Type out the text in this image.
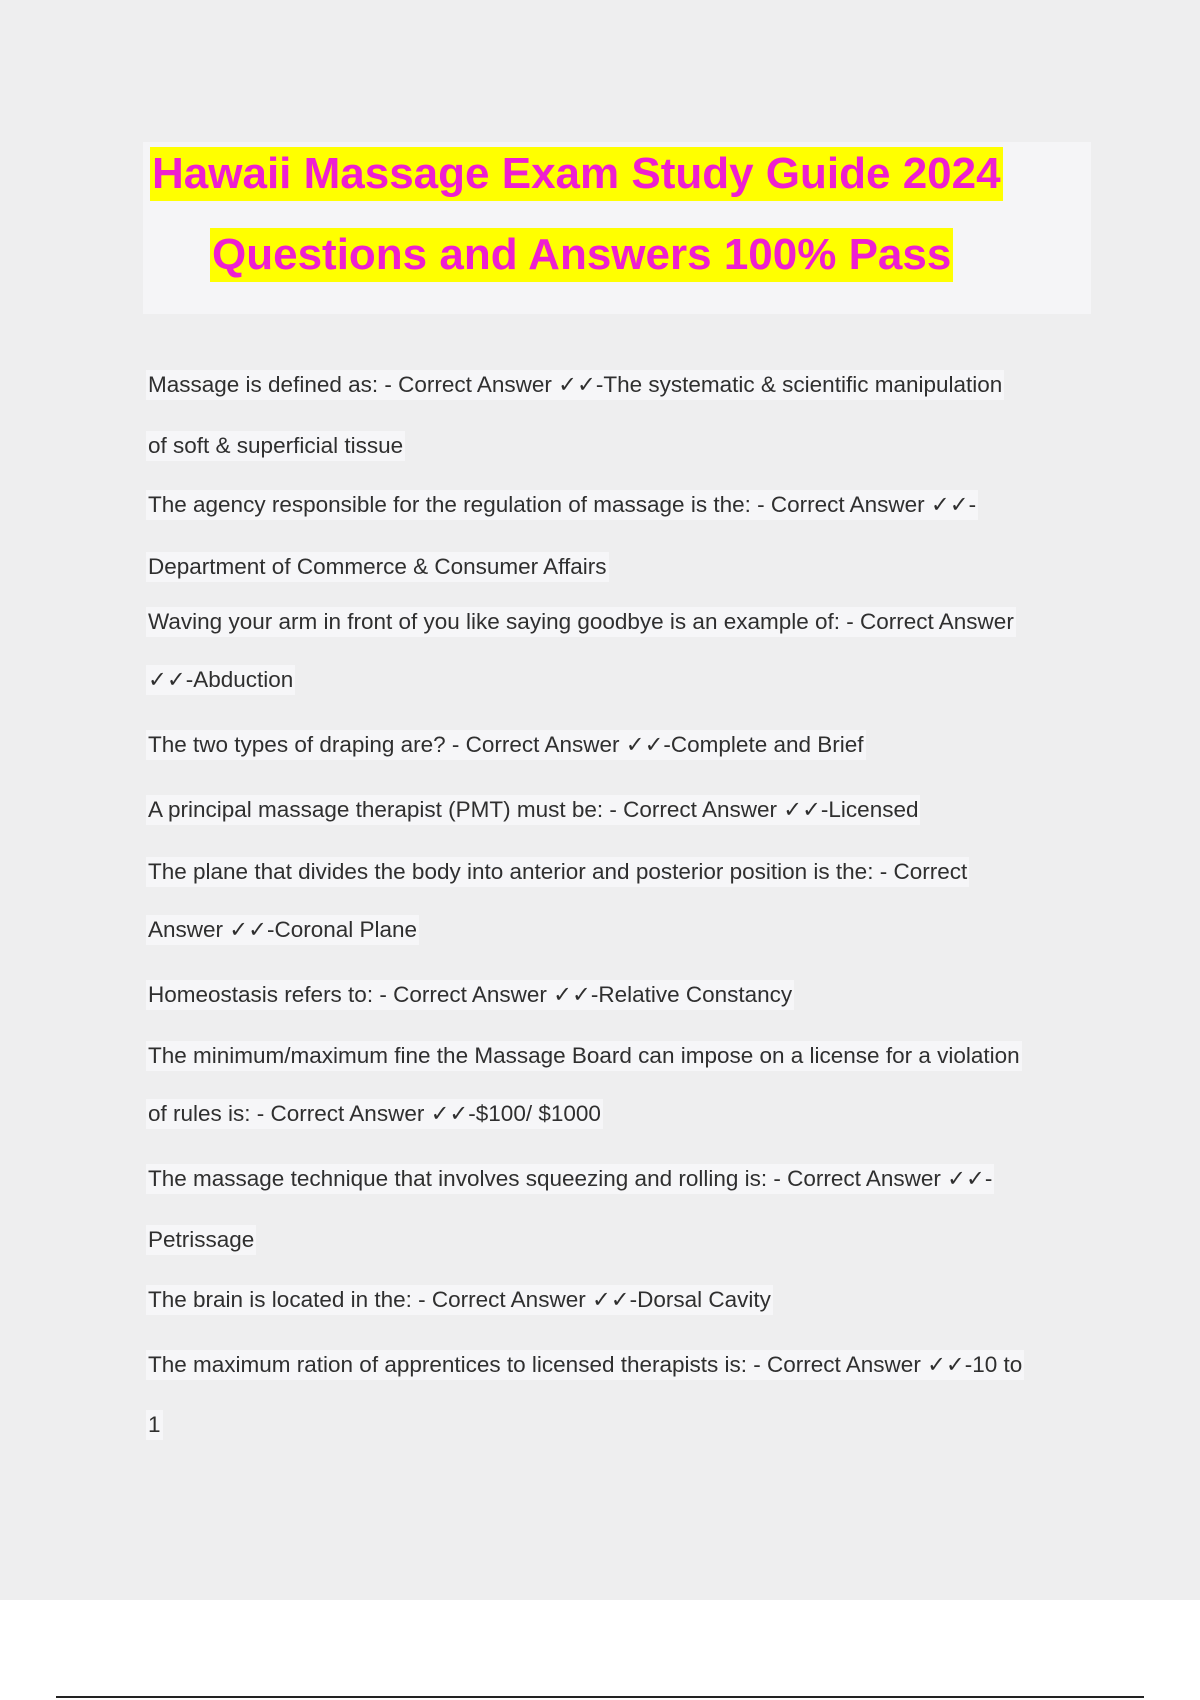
Hawaii Massage Exam Study Guide 2024
Questions and Answers 100% Pass
Massage is defined as: - Correct Answer ✓✓-The systematic & scientific manipulation
of soft & superficial tissue
The agency responsible for the regulation of massage is the: - Correct Answer ✓✓-
Department of Commerce & Consumer Affairs
Waving your arm in front of you like saying goodbye is an example of: - Correct Answer
✓✓-Abduction
The two types of draping are? - Correct Answer ✓✓-Complete and Brief
A principal massage therapist (PMT) must be: - Correct Answer ✓✓-Licensed
The plane that divides the body into anterior and posterior position is the: - Correct
Answer ✓✓-Coronal Plane
Homeostasis refers to: - Correct Answer ✓✓-Relative Constancy
The minimum/maximum fine the Massage Board can impose on a license for a violation
of rules is: - Correct Answer ✓✓-$100/ $1000
The massage technique that involves squeezing and rolling is: - Correct Answer ✓✓-
Petrissage
The brain is located in the: - Correct Answer ✓✓-Dorsal Cavity
The maximum ration of apprentices to licensed therapists is: - Correct Answer ✓✓-10 to
1
